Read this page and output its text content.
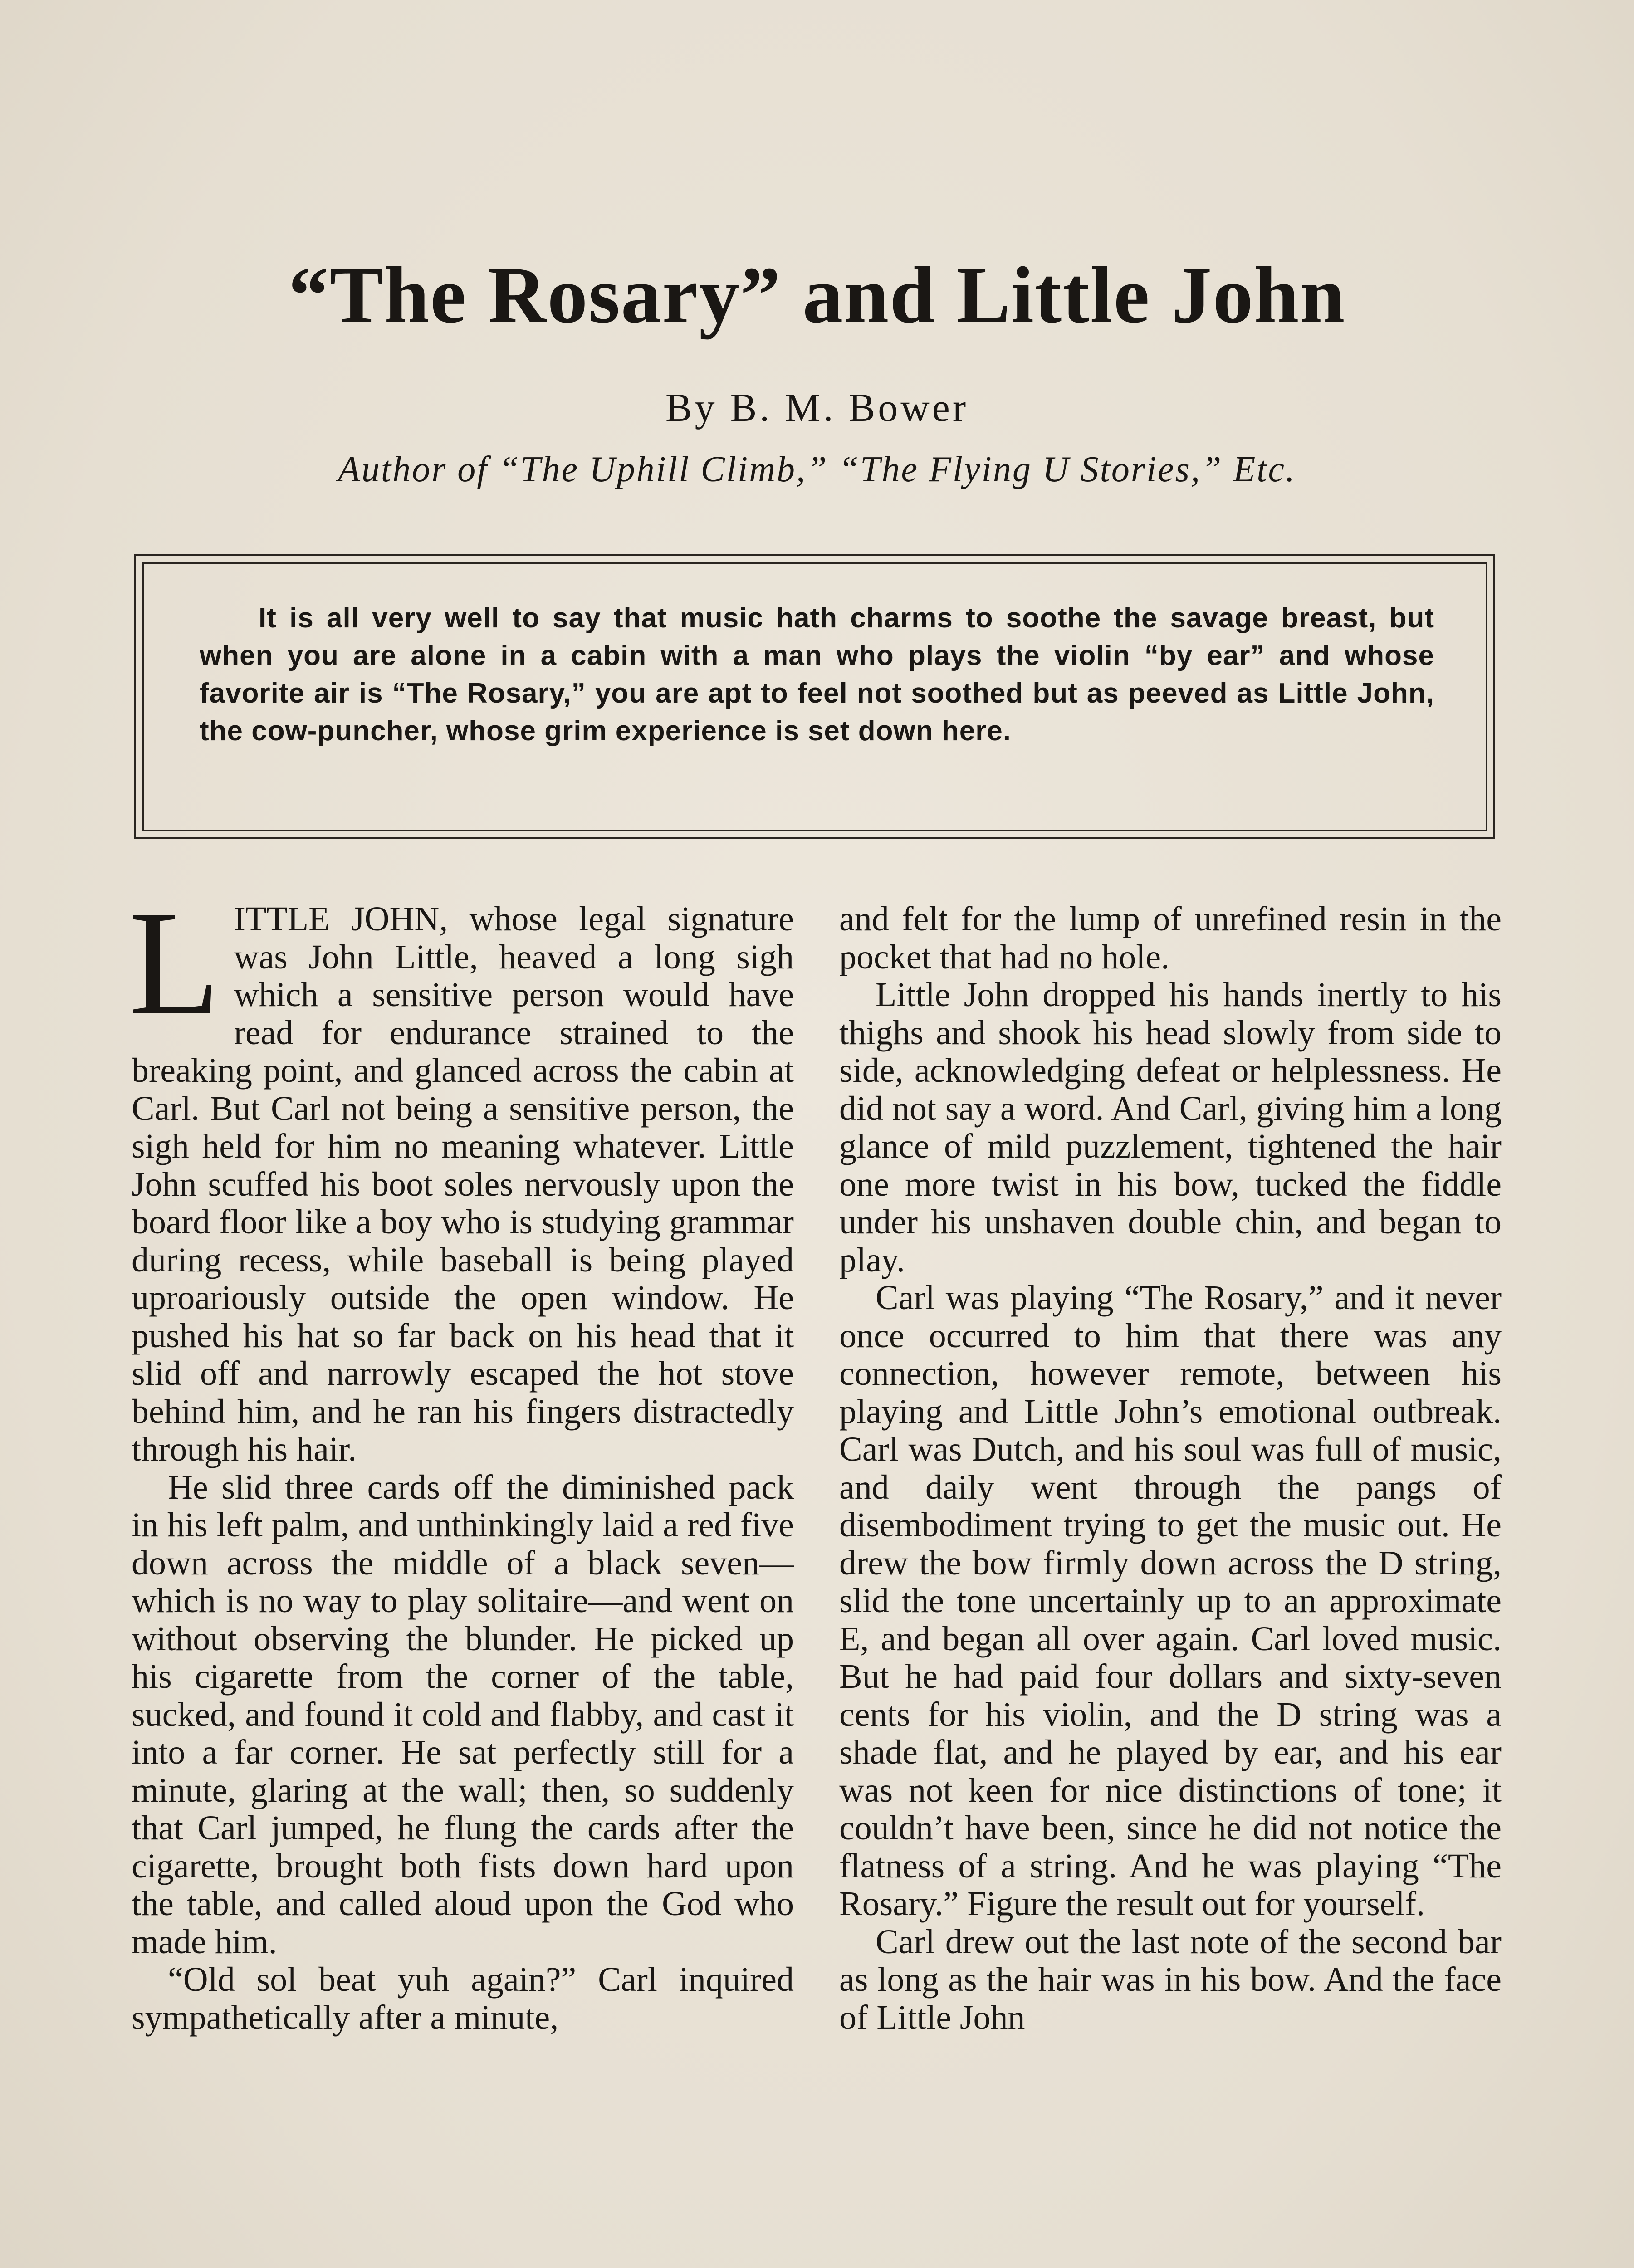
“The Rosary” and Little John
By B. M. Bower
Author of “The Uphill Climb,” “The Flying U Stories,” Etc.

It is all very well to say that music hath charms to soothe the savage breast, but when you are alone in a cabin with a man who plays the violin “by ear” and whose favorite air is “The Rosary,” you are apt to feel not soothed but as peeved as Little John, the cow-puncher, whose grim experience is set down here.

LITTLE JOHN, whose legal signature was John Little, heaved a long sigh which a sensitive person would have read for endurance strained to the breaking point, and glanced across the cabin at Carl. But Carl not being a sensitive person, the sigh held for him no meaning whatever. Little John scuffed his boot soles nervously upon the board floor like a boy who is studying grammar during recess, while baseball is being played uproariously outside the open window. He pushed his hat so far back on his head that it slid off and narrowly escaped the hot stove behind him, and he ran his fingers distractedly through his hair.

He slid three cards off the diminished pack in his left palm, and unthinkingly laid a red five down across the middle of a black seven—which is no way to play solitaire—and went on without observing the blunder. He picked up his cigarette from the corner of the table, sucked, and found it cold and flabby, and cast it into a far corner. He sat perfectly still for a minute, glaring at the wall; then, so suddenly that Carl jumped, he flung the cards after the cigarette, brought both fists down hard upon the table, and called aloud upon the God who made him.

“Old sol beat yuh again?” Carl inquired sympathetically after a minute,

and felt for the lump of unrefined resin in the pocket that had no hole.

Little John dropped his hands inertly to his thighs and shook his head slowly from side to side, acknowledging defeat or helplessness. He did not say a word. And Carl, giving him a long glance of mild puzzlement, tightened the hair one more twist in his bow, tucked the fiddle under his unshaven double chin, and began to play.

Carl was playing “The Rosary,” and it never once occurred to him that there was any connection, however remote, between his playing and Little John’s emotional outbreak. Carl was Dutch, and his soul was full of music, and daily went through the pangs of disembodiment trying to get the music out. He drew the bow firmly down across the D string, slid the tone uncertainly up to an approximate E, and began all over again. Carl loved music. But he had paid four dollars and sixty-seven cents for his violin, and the D string was a shade flat, and he played by ear, and his ear was not keen for nice distinctions of tone; it couldn’t have been, since he did not notice the flatness of a string. And he was playing “The Rosary.” Figure the result out for yourself.

Carl drew out the last note of the second bar as long as the hair was in his bow. And the face of Little John
